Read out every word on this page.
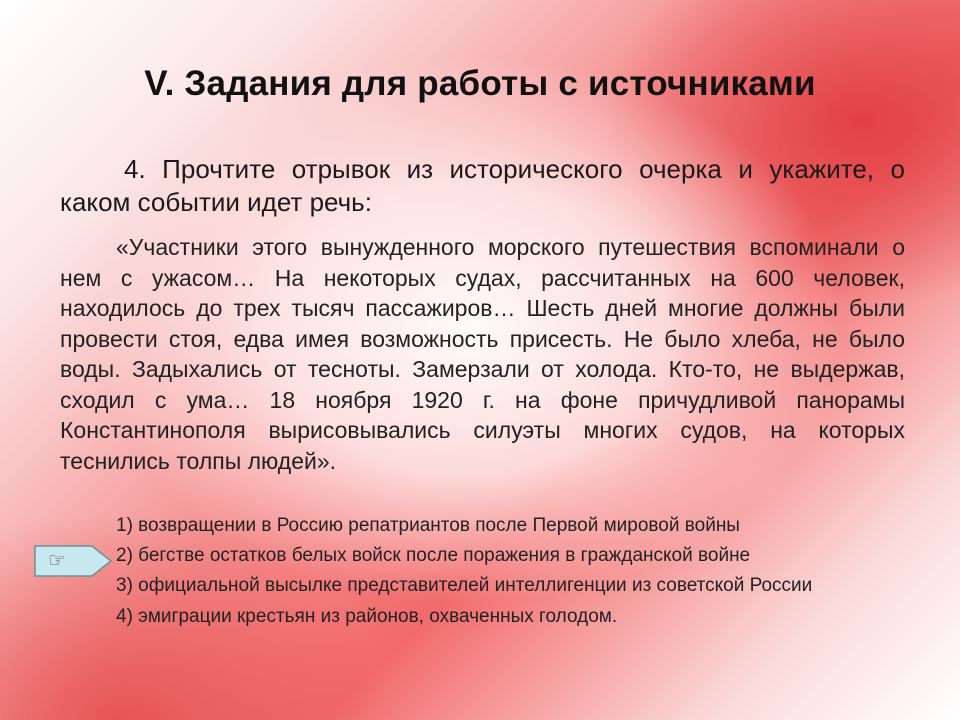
V. Задания для работы с источниками
4. Прочтите отрывок из исторического очерка и укажите, о каком событии идет речь:
«Участники этого вынужденного морского путешествия вспоминали о нем с ужасом… На некоторых судах, рассчитанных на 600 человек, находилось до трех тысяч пассажиров… Шесть дней многие должны были провести стоя, едва имея возможность присесть. Не было хлеба, не было воды. Задыхались от тесноты. Замерзали от холода. Кто-то, не выдержав, сходил с ума… 18 ноября 1920 г. на фоне причудливой панорамы Константинополя вырисовывались силуэты многих судов, на которых теснились толпы людей».
☞
1) возвращении в Россию репатриантов после Первой мировой войны
2) бегстве остатков белых войск после поражения в гражданской войне
3) официальной высылке представителей интеллигенции из советской России
4) эмиграции крестьян из районов, охваченных голодом.
